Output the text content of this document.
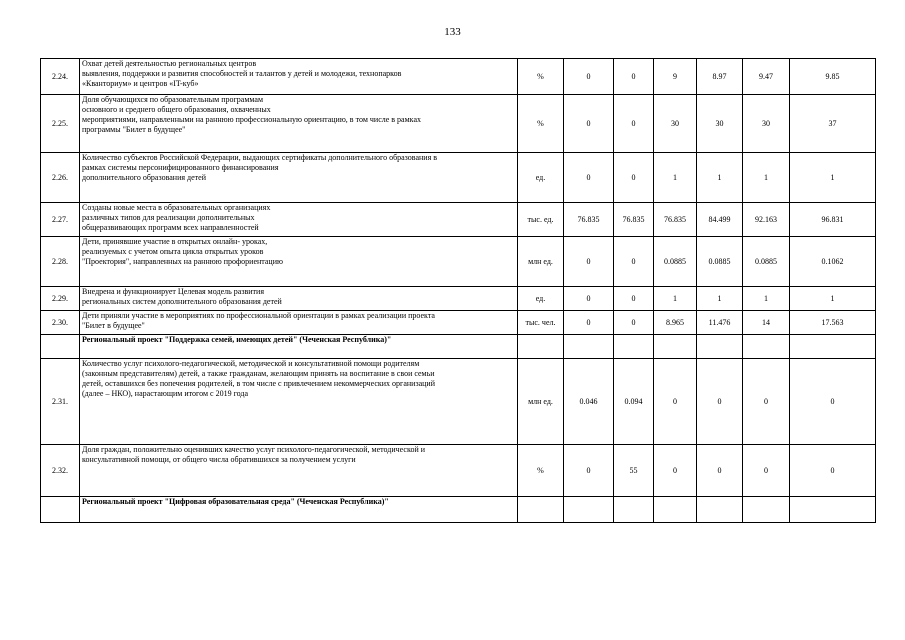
133
2.24.	Охват детей деятельностью региональных центров
выявления, поддержки и развития способностей и талантов у детей и молодежи, технопарков
«Кванториум» и центров «IT-куб»	%	0	0	9	8.97	9.47	9.85
2.25.	Доля обучающихся по образовательным программам
основного и среднего общего образования, охваченных
мероприятиями, направленными на раннюю профессиональную ориентацию, в том числе в рамках
программы "Билет в будущее"	%	0	0	30	30	30	37
2.26.	Количество субъектов Российской Федерации, выдающих сертификаты дополнительного образования в
рамках системы персонифицированного финансирования
дополнительного образования детей	ед.	0	0	1	1	1	1
2.27.	Созданы новые места в образовательных организациях
различных типов для реализации дополнительных
общеразвивающих программ всех направленностей	тыс. ед.	76.835	76.835	76.835	84.499	92.163	96.831
2.28.	Дети, принявшие участие в открытых онлайн- уроках,
реализуемых с учетом опыта цикла открытых уроков
"Проектория", направленных на раннюю профориентацию	млн ед.	0	0	0.0885	0.0885	0.0885	0.1062
2.29.	Внедрена и функционирует Целевая модель развития
региональных систем дополнительного образования детей	ед.	0	0	1	1	1	1
2.30.	Дети приняли участие в мероприятиях по профессиональной ориентации в рамках реализации проекта
"Билет в будущее"	тыс. чел.	0	0	8.965	11.476	14	17.563

	Региональный проект "Поддержка семей, имеющих детей" (Чеченская Республика)"							

2.31.	Количество услуг психолого-педагогической, методической и консультативной помощи родителям
(законным представителям) детей, а также гражданам, желающим принять на воспитание в свои семьи
детей, оставшихся без попечения родителей, в том числе с привлечением некоммерческих организаций
(далее – НКО), нарастающим итогом с 2019 года	млн ед.	0.046	0.094	0	0	0	0
2.32.	Доля граждан, положительно оценивших качество услуг психолого-педагогической, методической и
консультативной помощи, от общего числа обратившихся за получением услуги	%	0	55	0	0	0	0

	Региональный проект "Цифровая образовательная среда" (Чеченская Республика)"							
